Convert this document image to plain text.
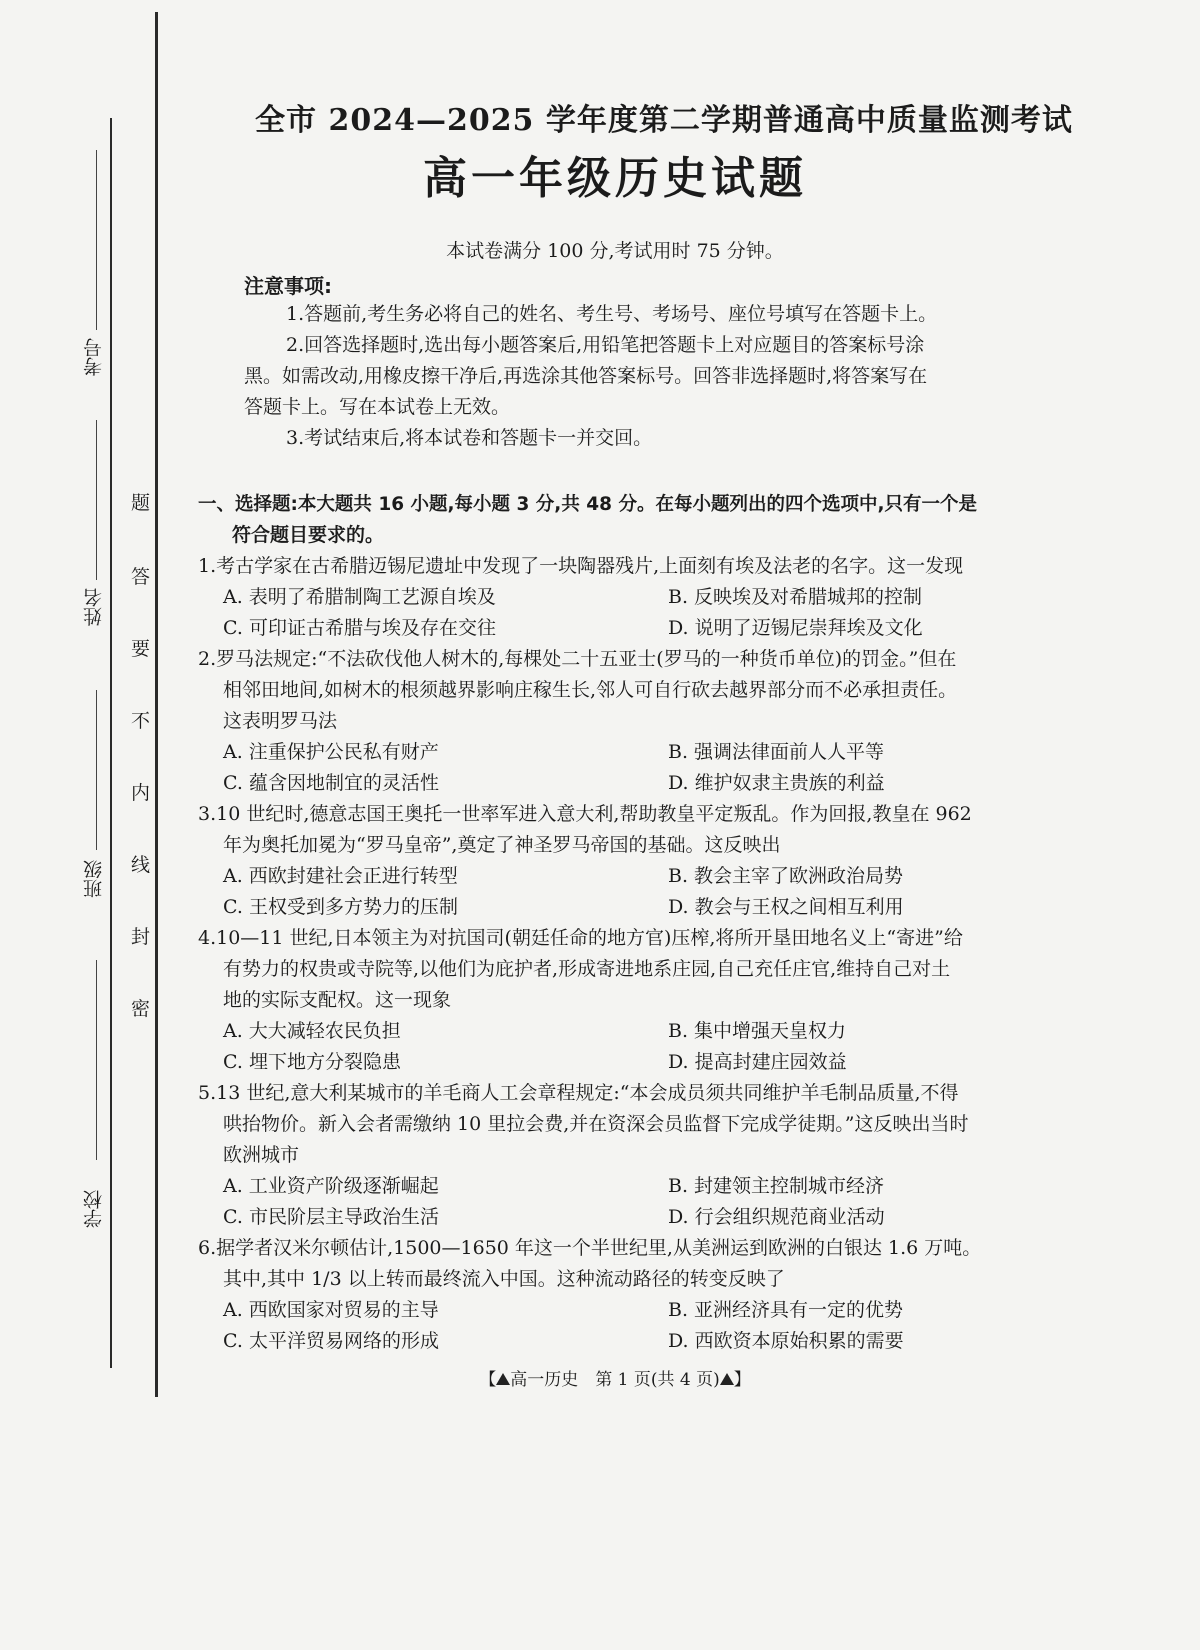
考号
姓名
班级
学校
题
答
要
不
内
线
封
密
全市 2024—2025 学年度第二学期普通高中质量监测考试
高一年级历史试题
本试卷满分 100 分,考试用时 75 分钟。
注意事项:
1.答题前,考生务必将自己的姓名、考生号、考场号、座位号填写在答题卡上。
2.回答选择题时,选出每小题答案后,用铅笔把答题卡上对应题目的答案标号涂
黑。如需改动,用橡皮擦干净后,再选涂其他答案标号。回答非选择题时,将答案写在
答题卡上。写在本试卷上无效。
3.考试结束后,将本试卷和答题卡一并交回。
一、选择题:本大题共 16 小题,每小题 3 分,共 48 分。在每小题列出的四个选项中,只有一个是
符合题目要求的。
1.考古学家在古希腊迈锡尼遗址中发现了一块陶器残片,上面刻有埃及法老的名字。这一发现
A. 表明了希腊制陶工艺源自埃及	B. 反映埃及对希腊城邦的控制
C. 可印证古希腊与埃及存在交往	D. 说明了迈锡尼崇拜埃及文化
2.罗马法规定:“不法砍伐他人树木的,每棵处二十五亚士(罗马的一种货币单位)的罚金。”但在
相邻田地间,如树木的根须越界影响庄稼生长,邻人可自行砍去越界部分而不必承担责任。
这表明罗马法
A. 注重保护公民私有财产	B. 强调法律面前人人平等
C. 蕴含因地制宜的灵活性	D. 维护奴隶主贵族的利益
3.10 世纪时,德意志国王奥托一世率军进入意大利,帮助教皇平定叛乱。作为回报,教皇在 962
年为奥托加冕为“罗马皇帝”,奠定了神圣罗马帝国的基础。这反映出
A. 西欧封建社会正进行转型	B. 教会主宰了欧洲政治局势
C. 王权受到多方势力的压制	D. 教会与王权之间相互利用
4.10—11 世纪,日本领主为对抗国司(朝廷任命的地方官)压榨,将所开垦田地名义上“寄进”给
有势力的权贵或寺院等,以他们为庇护者,形成寄进地系庄园,自己充任庄官,维持自己对土
地的实际支配权。这一现象
A. 大大减轻农民负担	B. 集中增强天皇权力
C. 埋下地方分裂隐患	D. 提高封建庄园效益
5.13 世纪,意大利某城市的羊毛商人工会章程规定:“本会成员须共同维护羊毛制品质量,不得
哄抬物价。新入会者需缴纳 10 里拉会费,并在资深会员监督下完成学徒期。”这反映出当时
欧洲城市
A. 工业资产阶级逐渐崛起	B. 封建领主控制城市经济
C. 市民阶层主导政治生活	D. 行会组织规范商业活动
6.据学者汉米尔顿估计,1500—1650 年这一个半世纪里,从美洲运到欧洲的白银达 1.6 万吨。
其中,其中 1/3 以上转而最终流入中国。这种流动路径的转变反映了
A. 西欧国家对贸易的主导	B. 亚洲经济具有一定的优势
C. 太平洋贸易网络的形成	D. 西欧资本原始积累的需要
【 高一历史　第 1 页(共 4 页) 】
